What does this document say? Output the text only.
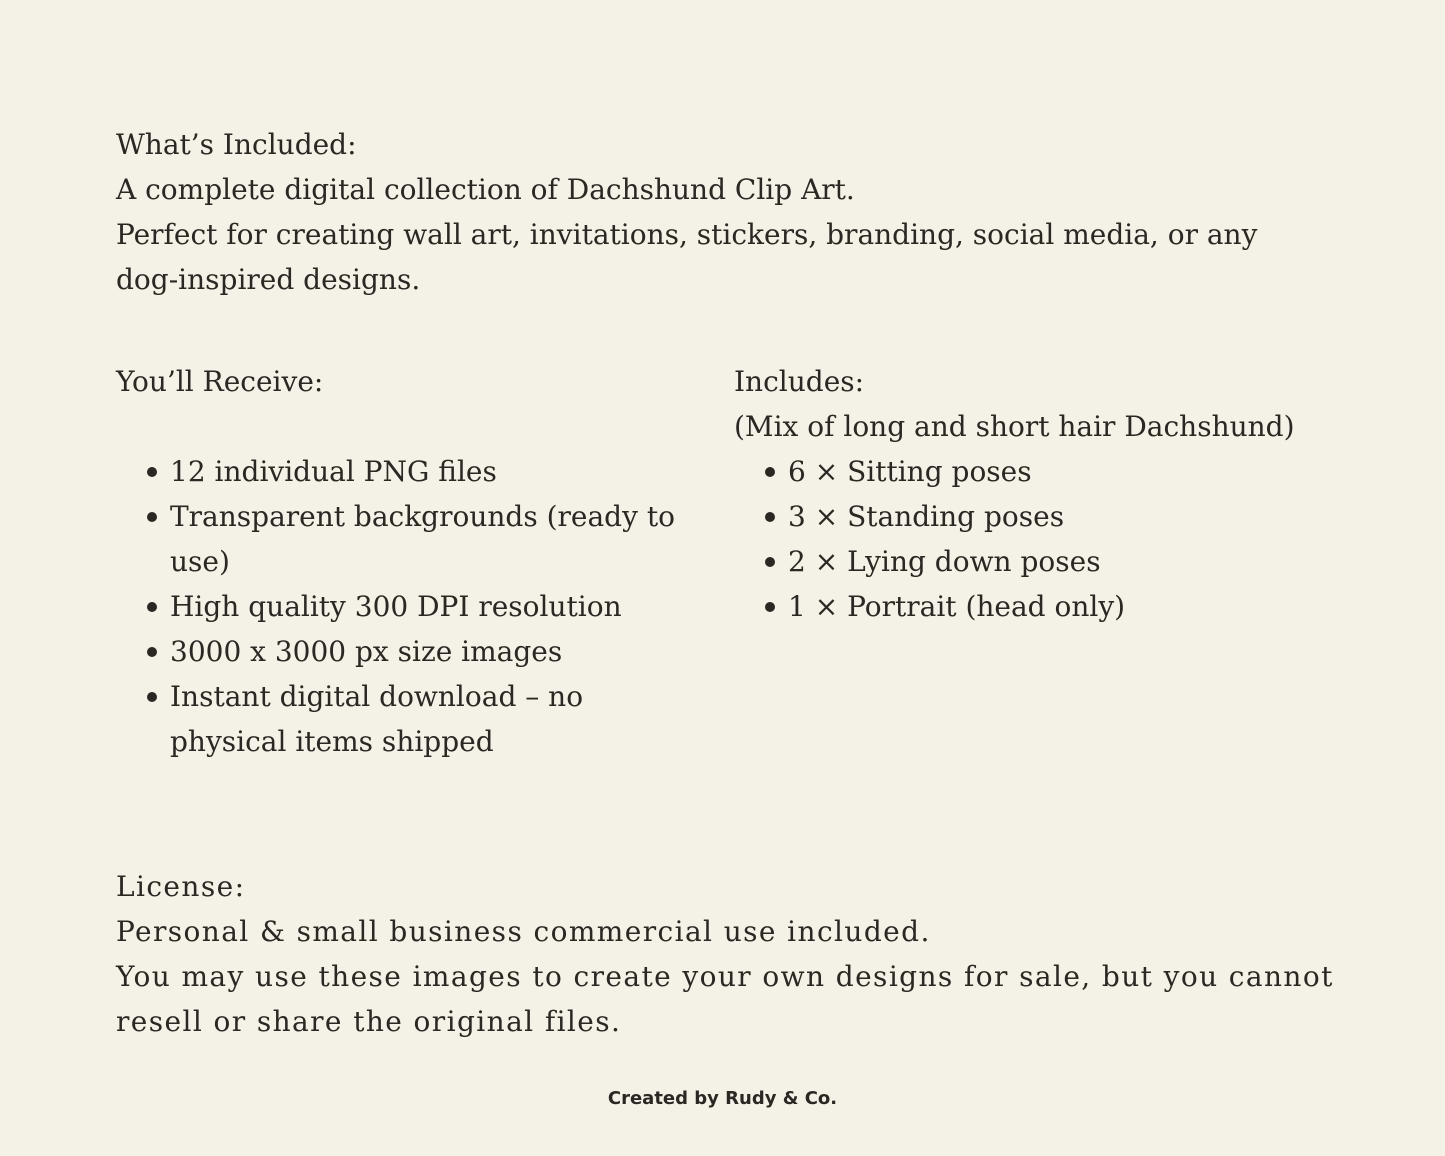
What’s Included:

A complete digital collection of Dachshund Clip Art.

Perfect for creating wall art, invitations, stickers, branding, social media, or any dog-inspired designs.

You’ll Receive:

12 individual PNG files
Transparent backgrounds (ready to use)
High quality 300 DPI resolution
3000 x 3000 px size images
Instant digital download – no physical items shipped

Includes:

(Mix of long and short hair Dachshund)

6 × Sitting poses
3 × Standing poses
2 × Lying down poses
1 × Portrait (head only)

License:

Personal & small business commercial use included.

You may use these images to create your own designs for sale, but you cannot resell or share the original files.

Created by Rudy & Co.
